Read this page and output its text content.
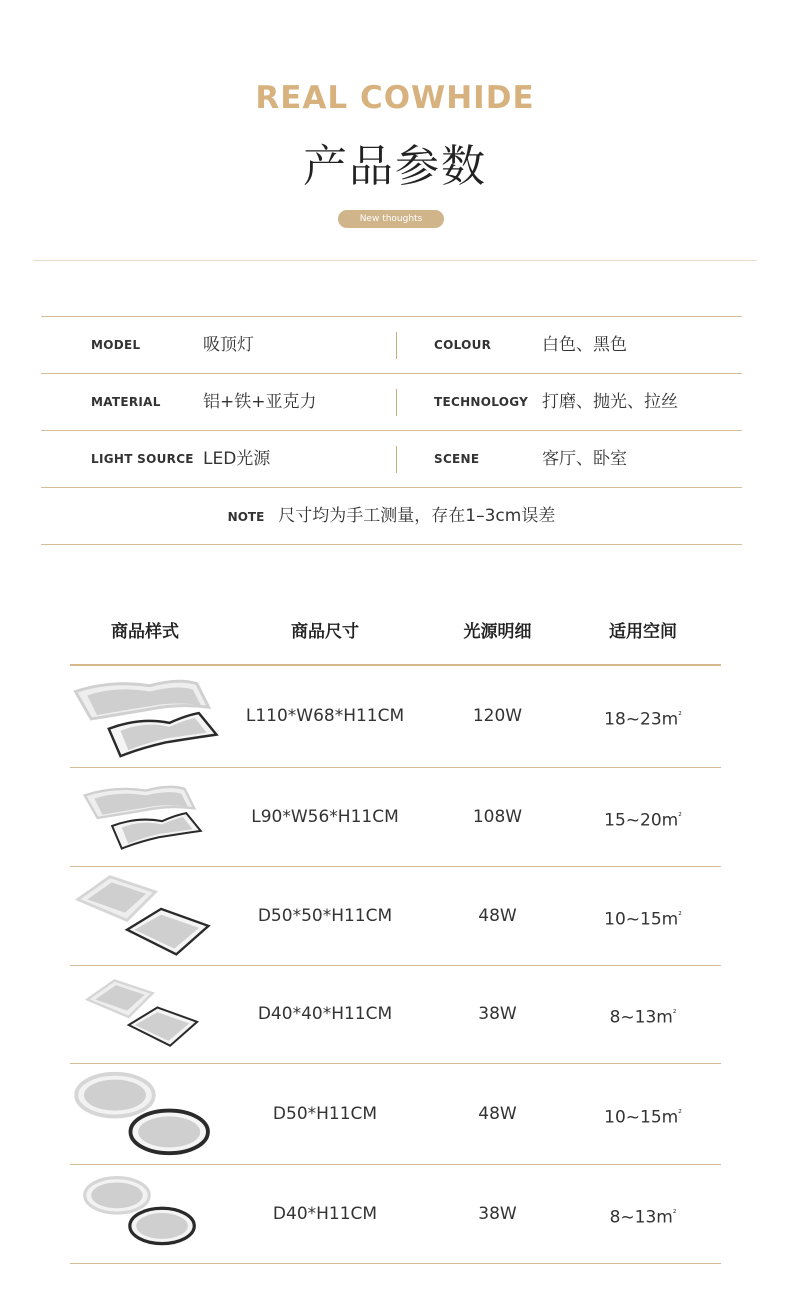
REAL COWHIDE
产品参数
New thoughts
MODEL	吸顶灯	COLOUR	白色、黑色
MATERIAL 铝+铁+亚克力	TECHNOLOGY 打磨、抛光、拉丝
LIGHT SOURCE LED光源	SCENE	客厅、卧室
NOTE 尺寸均为手工测量，存在1–3cm误差
商品样式	商品尺寸	光源明细	适用空间
L110*W68*H11CM	120W	$18\sim 23m^{^2}$
L90*W56*H11CM	108W	$15\sim 20m^{^2}$
D50*50*H11CM	48W	$10\sim 15m^{^2}$
D40*40*H11CM	38W	$8\sim 13m^{^2}$
D50*H11CM	48W	$10\sim 15m^{^2}$
D40*H11CM	38W	$8\sim 13m^{^2}$
